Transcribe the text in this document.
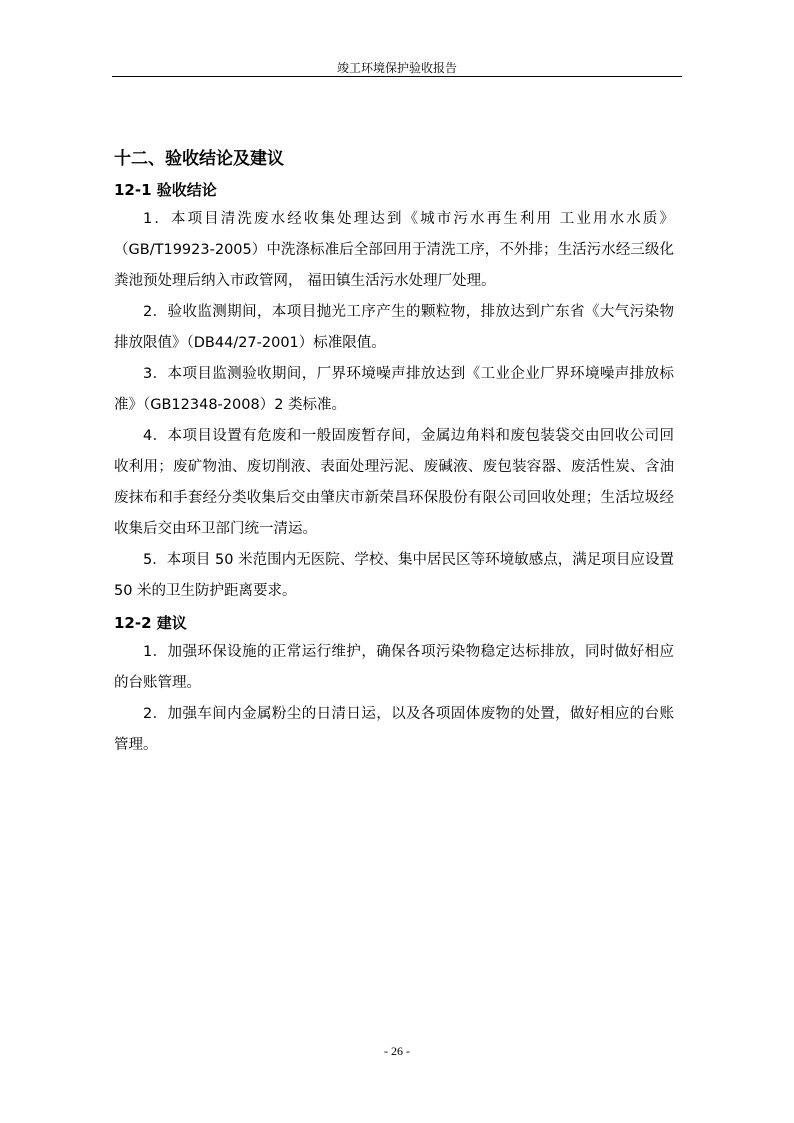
竣工环境保护验收报告
十二、验收结论及建议
12-1 验收结论

1．本项目清洗废水经收集处理达到《城市污水再生利用 工业用水水质》（GB/T19923-2005）中洗涤标准后全部回用于清洗工序，不外排；生活污水经三级化粪池预处理后纳入市政管网， 福田镇生活污水处理厂处理。

2．验收监测期间，本项目抛光工序产生的颗粒物，排放达到广东省《大气污染物排放限值》（DB44/27-2001）标准限值。

3．本项目监测验收期间，厂界环境噪声排放达到《工业企业厂界环境噪声排放标准》（GB12348-2008）2 类标准。

4．本项目设置有危废和一般固废暂存间，金属边角料和废包装袋交由回收公司回收利用；废矿物油、废切削液、表面处理污泥、废碱液、废包装容器、废活性炭、含油废抹布和手套经分类收集后交由肇庆市新荣昌环保股份有限公司回收处理；生活垃圾经收集后交由环卫部门统一清运。

5．本项目 50 米范围内无医院、学校、集中居民区等环境敏感点，满足项目应设置 50 米的卫生防护距离要求。

12-2 建议

1．加强环保设施的正常运行维护，确保各项污染物稳定达标排放，同时做好相应的台账管理。

2．加强车间内金属粉尘的日清日运，以及各项固体废物的处置，做好相应的台账管理。

- 26 -
